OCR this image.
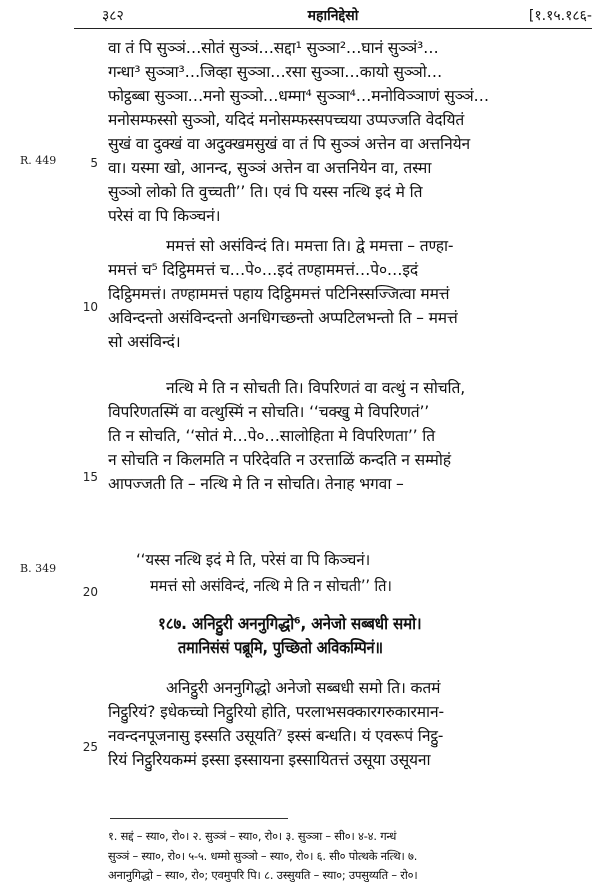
३८२	महानिद्देसो	[१.१५.१८६-
R. 449
B. 349
5
10
15
20
25
वा तं पि सुञ्ञं…सोतं सुञ्ञं…सद्दा¹ सुञ्ञा²…घानं सुञ्ञं³…
गन्धा³ सुञ्ञा³…जिव्हा सुञ्ञा…रसा सुञ्ञा…कायो सुञ्ञो…
फोट्ठब्बा सुञ्ञा…मनो सुञ्ञो…धम्मा⁴ सुञ्ञा⁴…मनोविञ्ञाणं सुञ्ञं…
मनोसम्फस्सो सुञ्ञो, यदिदं मनोसम्फस्सपच्चया उप्पज्जति वेदयितं
सुखं वा दुक्खं वा अदुक्खमसुखं वा तं पि सुञ्ञं अत्तेन वा अत्तनियेन
वा। यस्मा खो, आनन्द, सुञ्ञं अत्तेन वा अत्तनियेन वा, तस्मा
सुञ्ञो लोको ति वुच्चती’’ ति। एवं पि यस्स नत्थि इदं मे ति
परेसं वा पि किञ्चनं।
ममत्तं सो असंविन्दं ति। ममत्ता ति। द्वे ममत्ता – तण्हा-
ममत्तं च⁵ दिट्ठिममत्तं च…पे०…इदं तण्हाममत्तं…पे०…इदं
दिट्ठिममत्तं। तण्हाममत्तं पहाय दिट्ठिममत्तं पटिनिस्सज्जित्वा ममत्तं
अविन्दन्तो असंविन्दन्तो अनधिगच्छन्तो अप्पटिलभन्तो ति – ममत्तं
सो असंविन्दं।
नत्थि मे ति न सोचती ति। विपरिणतं वा वत्थुं न सोचति,
विपरिणतस्मिं वा वत्थुस्मिं न सोचति। ‘‘चक्खु मे विपरिणतं’’
ति न सोचति, ‘‘सोतं मे…पे०…सालोहिता मे विपरिणता’’ ति
न सोचति न किलमति न परिदेवति न उरत्ताळिं कन्दति न सम्मोहं
आपज्जती ति – नत्थि मे ति न सोचति। तेनाह भगवा –
‘‘यस्स नत्थि इदं मे ति, परेसं वा पि किञ्चनं।
ममत्तं सो असंविन्दं, नत्थि मे ति न सोचती’’ ति।
१८७. अनिट्ठुरी अननुगिद्धो⁶, अनेजो सब्बधी समो।
तमानिसंसं पब्रूमि, पुच्छितो अविकम्पिनं॥
अनिट्ठुरी अननुगिद्धो अनेजो सब्बधी समो ति। कतमं
निट्ठुरियं? इधेकच्चो निट्ठुरियो होति, परलाभसक्कारगरुकारमान-
नवन्दनपूजनासु इस्सति उसूयति⁷ इस्सं बन्धति। यं एवरूपं निट्ठु-
रियं निट्ठुरियकम्मं इस्सा इस्सायना इस्सायितत्तं उसूया उसूयना
१. सद्दं – स्या०, रो०। २. सुञ्ञं – स्या०, रो०। ३. सुञ्ञा – सी०। ४-४. गन्धं
सुञ्ञं – स्या०, रो०। ५-५. धम्मो सुञ्ञो – स्या०, रो०। ६. सी० पोत्थके नत्थि। ७.
अनानुगिद्धो – स्या०, रो०; एवमुपरि पि। ८. उस्सुयति – स्या०; उपसुय्यति – रो०।
